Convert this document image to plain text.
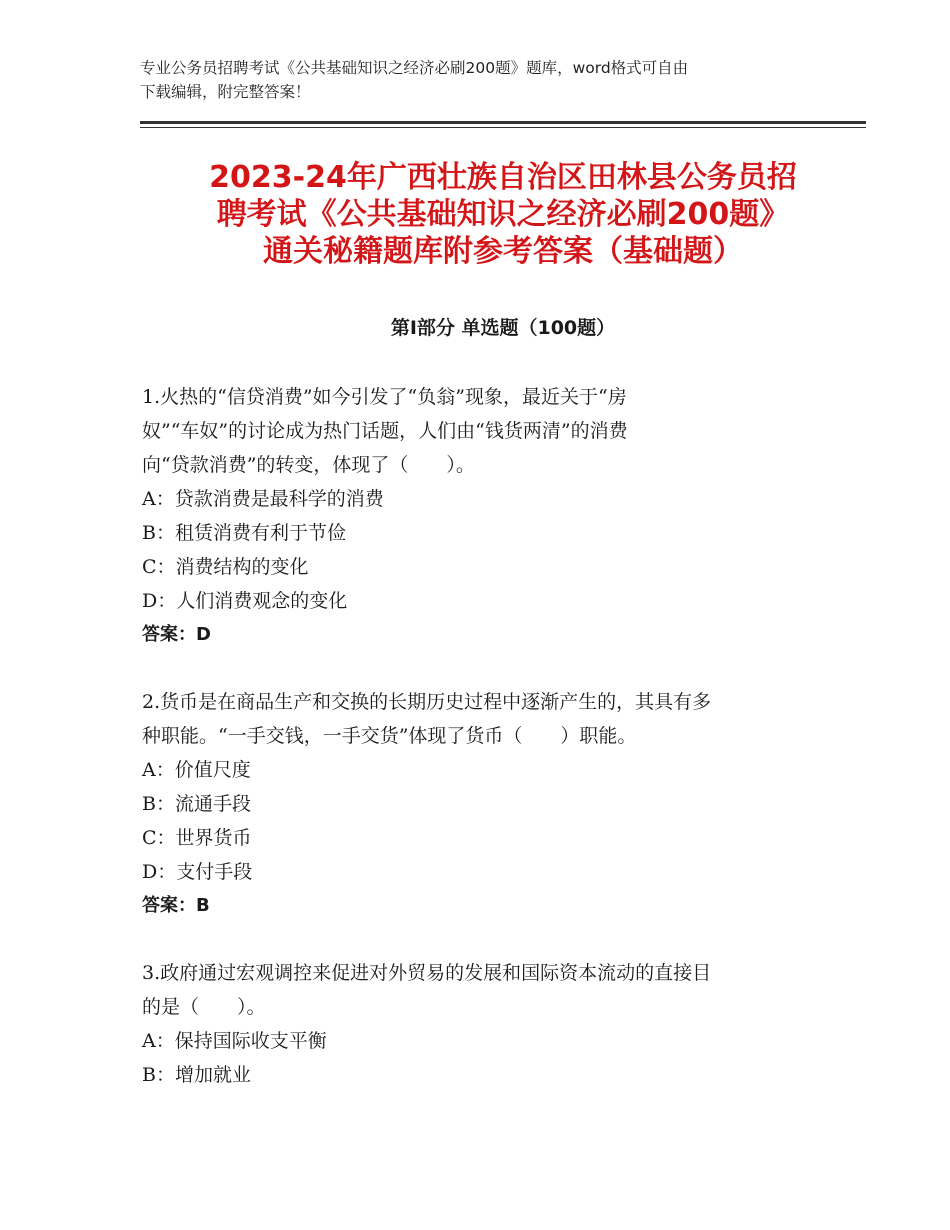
专业公务员招聘考试《公共基础知识之经济必刷200题》题库，word格式可自由
下载编辑，附完整答案！
2023-24年广西壮族自治区田林县公务员招
聘考试《公共基础知识之经济必刷200题》
通关秘籍题库附参考答案（基础题）
第Ⅰ部分 单选题（100题）
1.火热的“信贷消费”如今引发了“负翁”现象，最近关于“房
奴”“车奴”的讨论成为热门话题，人们由“钱货两清”的消费
向“贷款消费”的转变，体现了（　　）。
A：贷款消费是最科学的消费
B：租赁消费有利于节俭
C：消费结构的变化
D：人们消费观念的变化
答案：D
2.货币是在商品生产和交换的长期历史过程中逐渐产生的，其具有多
种职能。“一手交钱，一手交货”体现了货币（　　）职能。
A：价值尺度
B：流通手段
C：世界货币
D：支付手段
答案：B
3.政府通过宏观调控来促进对外贸易的发展和国际资本流动的直接目
的是（　　）。
A：保持国际收支平衡
B：增加就业
